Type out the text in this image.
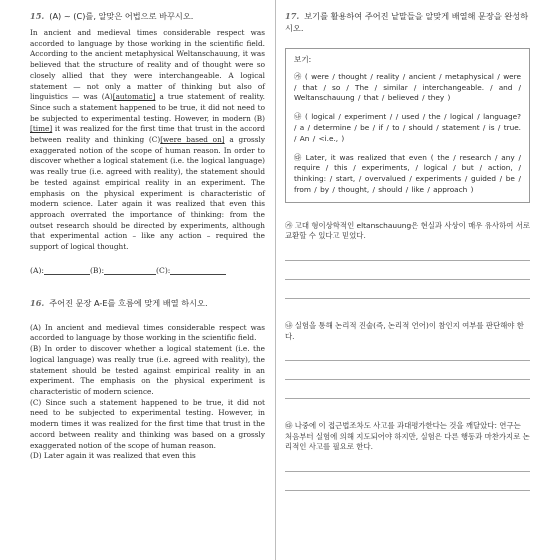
15. (A) ~ (C)를, 알맞은 어법으로 바꾸시오.

In ancient and medieval times considerable respect was accorded to language by those working in the scientific field. According to the ancient metaphysical Weltanschauung, it was believed that the structure of reality and of thought were so closely allied that they were interchangeable. A logical statement — not only a matter of thinking but also of linguistics — was (A)[automatic] a true statement of reality. Since such a statement happened to be true, it did not need to be subjected to experimental testing. However, in modern (B)[time] it was realized for the first time that trust in the accord between reality and thinking (C)[were based on] a grossly exaggerated notion of the scope of human reason. In order to discover whether a logical statement (i.e. the logical language) was really true (i.e. agreed with reality), the statement should be tested against empirical reality in an experiment. The emphasis on the physical experiment is characteristic of modern science. Later again it was realized that even this approach overrated the importance of thinking: from the outset research should be directed by experiments, although that experimental action – like any action – required the support of logical thought.

(A):	(B):	(C):

16. 주어진 문장 A-E를 흐름에 맞게 배열 하시오.

(A) In ancient and medieval times considerable respect was accorded to language by those working in the scientific field.
(B) In order to discover whether a logical statement (i.e. the logical language) was really true (i.e. agreed with reality), the statement should be tested against empirical reality in an experiment. The emphasis on the physical experiment is characteristic of modern science.
(C) Since such a statement happened to be true, it did not need to be subjected to experimental testing. However, in modern times it was realized for the first time that trust in the accord between reality and thinking was based on a grossly exaggerated notion of the scope of human reason.
(D) Later again it was realized that even this

17. 보기를 활용하여 주어진 낱말들을 알맞게 배열해 문장을 완성하시오.

보기:
㉮ ( were / thought / reality / ancient / metaphysical / were / that / so / The / similar / interchangeable. / and / Weltanschauung / that / believed / they )
㉯ ( logical / experiment / / used / the / logical / language? / a / determine / be / if / to / should / statement / is / true. / An / <i.e., )
㉰ Later, it was realized that even ( the / research / any / require / this / experiments, / logical / but / action, / thinking: / start, / overvalued / experiments / guided / be / from / by / thought, / should / like / approach )

㉮ 고대 형이상학적인 eltanschauung은 현실과 사상이 매우 유사하여 서로 교환할 수 있다고 믿었다.

㉯ 실험을 통해 논리적 진술(즉, 논리적 언어)이 참인지 여부를 판단해야 한다.

㉰ 나중에 이 접근법조차도 사고를 과대평가한다는 것을 깨달았다: 연구는 처음부터 실험에 의해 지도되어야 하지만, 실험은 다른 행동과 마찬가지로 논리적인 사고를 필요로 한다.
